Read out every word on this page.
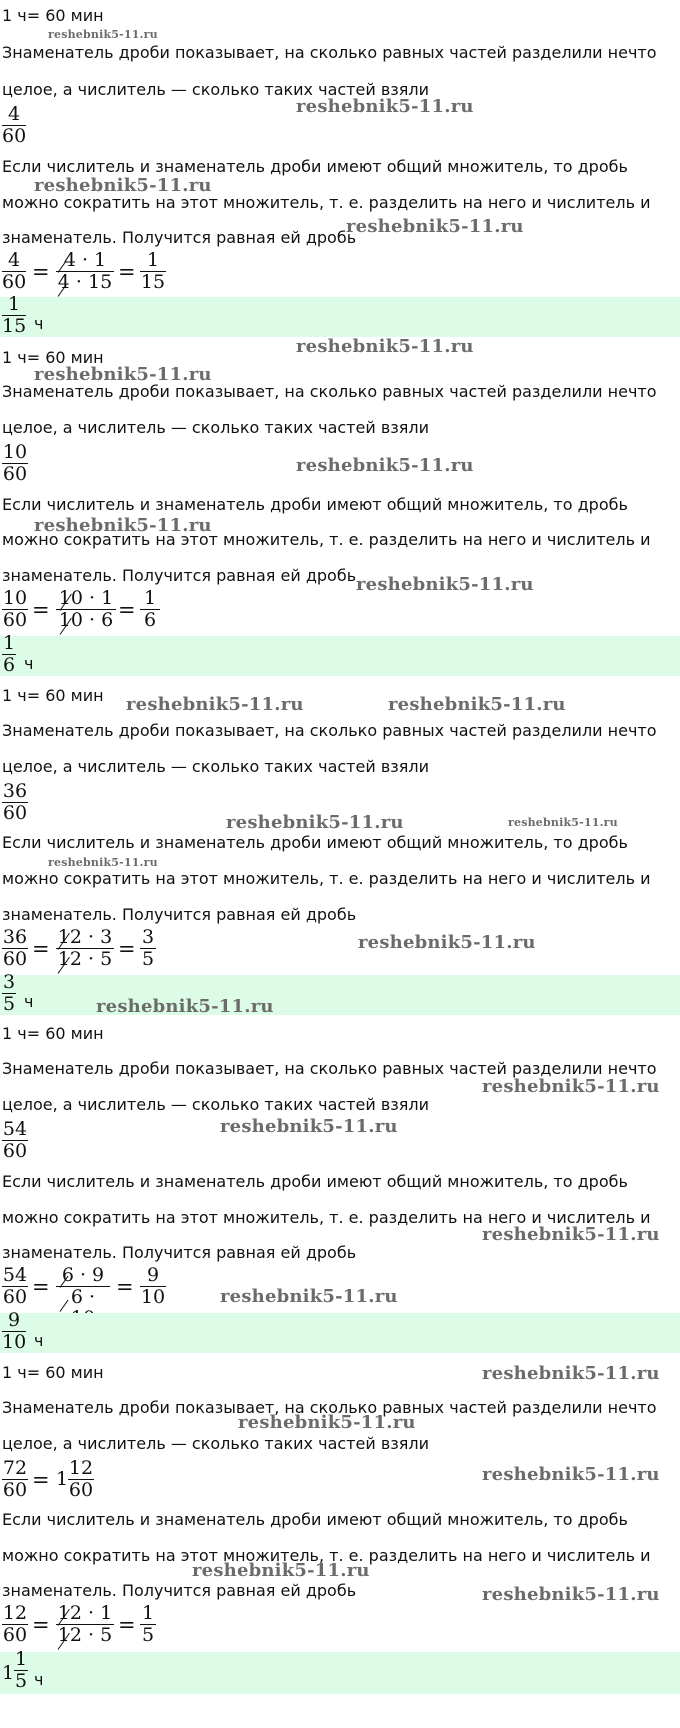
1 ч= 60 мин
Знаменатель дроби показывает, на сколько равных частей разделили нечто
целое, а числитель — сколько таких частей взяли
4
60
Если числитель и знаменатель дроби имеют общий множитель, то дробь
можно сократить на этот множитель, т. е. разделить на него и числитель и
знаменатель. Получится равная ей дробь
4
60 = 4 · 1
4 · 15 = 1
15
1
15 ч
1 ч= 60 мин
Знаменатель дроби показывает, на сколько равных частей разделили нечто
целое, а числитель — сколько таких частей взяли
10
60
Если числитель и знаменатель дроби имеют общий множитель, то дробь
можно сократить на этот множитель, т. е. разделить на него и числитель и
знаменатель. Получится равная ей дробь
10
60 = 10 · 1
10 · 6 = 1
6
1
6 ч
1 ч= 60 мин
Знаменатель дроби показывает, на сколько равных частей разделили нечто
целое, а числитель — сколько таких частей взяли
36
60
Если числитель и знаменатель дроби имеют общий множитель, то дробь
можно сократить на этот множитель, т. е. разделить на него и числитель и
знаменатель. Получится равная ей дробь
36
60 = 12 · 3
12 · 5 = 3
5
3
5 ч
1 ч= 60 мин
Знаменатель дроби показывает, на сколько равных частей разделили нечто
целое, а числитель — сколько таких частей взяли
54
60
Если числитель и знаменатель дроби имеют общий множитель, то дробь
можно сократить на этот множитель, т. е. разделить на него и числитель и
знаменатель. Получится равная ей дробь
54
60 = 6 · 9
6 · = 9
10
9
10 ч
1 ч= 60 мин
Знаменатель дроби показывает, на сколько равных частей разделили нечто
целое, а числитель — сколько таких частей взяли
72
60 = 1 12
60
Если числитель и знаменатель дроби имеют общий множитель, то дробь
можно сократить на этот множитель, т. е. разделить на него и числитель и
знаменатель. Получится равная ей дробь
12
60 = 12 · 1
12 · 5 = 1
5
1
1
5 ч
reshebnik5-11.ru
reshebnik5-11.ru
reshebnik5-11.ru
reshebnik5-11.ru
reshebnik5-11.ru
reshebnik5-11.ru
reshebnik5-11.ru
reshebnik5-11.ru
reshebnik5-11.ru
reshebnik5-11.ru	reshebnik5-11.ru
reshebnik5-11.ru	reshebnik5-11.ru
reshebnik5-11.ru
reshebnik5-11.ru
reshebnik5-11.ru
reshebnik5-11.ru
reshebnik5-11.ru
reshebnik5-11.ru
reshebnik5-11.ru
reshebnik5-11.ru
reshebnik5-11.ru
reshebnik5-11.ru
reshebnik5-11.ru
reshebnik5-11.ru
